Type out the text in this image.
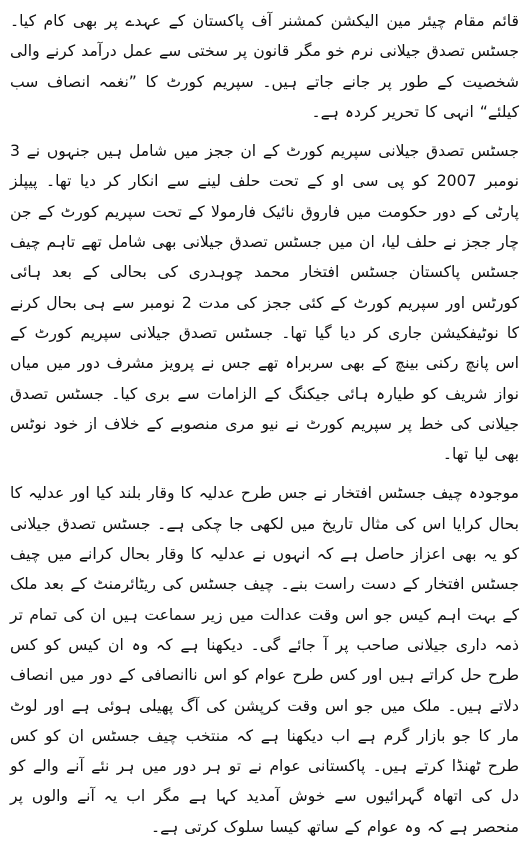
قائم مقام چیئر مین الیکشن کمشنر آف پاکستان کے عہدے پر بھی کام کیا۔ جسٹس تصدق جیلانی نرم خو مگر قانون پر سختی سے عمل درآمد کرنے والی شخصیت کے طور پر جانے جاتے ہیں۔ سپریم کورٹ کا ”نغمہ انصاف سب کیلئے“ انہی کا تحریر کردہ ہے۔

جسٹس تصدق جیلانی سپریم کورٹ کے ان ججز میں شامل ہیں جنہوں نے 3 نومبر 2007 کو پی سی او کے تحت حلف لینے سے انکار کر دیا تھا۔ پیپلز پارٹی کے دور حکومت میں فاروق نائیک فارمولا کے تحت سپریم کورٹ کے جن چار ججز نے حلف لیا، ان میں جسٹس تصدق جیلانی بھی شامل تھے تاہم چیف جسٹس پاکستان جسٹس افتخار محمد چوہدری کی بحالی کے بعد ہائی کورٹس اور سپریم کورٹ کے کئی ججز کی مدت 2 نومبر سے ہی بحال کرنے کا نوٹیفکیشن جاری کر دیا گیا تھا۔ جسٹس تصدق جیلانی سپریم کورٹ کے اس پانچ رکنی بینچ کے بھی سربراہ تھے جس نے پرویز مشرف دور میں میاں نواز شریف کو طیارہ ہائی جیکنگ کے الزامات سے بری کیا۔ جسٹس تصدق جیلانی کی خط پر سپریم کورٹ نے نیو مری منصوبے کے خلاف از خود نوٹس بھی لیا تھا۔

موجودہ چیف جسٹس افتخار نے جس طرح عدلیہ کا وقار بلند کیا اور عدلیہ کا بحال کرایا اس کی مثال تاریخ میں لکھی جا چکی ہے۔ جسٹس تصدق جیلانی کو یہ بھی اعزاز حاصل ہے کہ انہوں نے عدلیہ کا وقار بحال کرانے میں چیف جسٹس افتخار کے دست راست بنے۔ چیف جسٹس کی ریٹائرمنٹ کے بعد ملک کے بہت اہم کیس جو اس وقت عدالت میں زیر سماعت ہیں ان کی تمام تر ذمہ داری جیلانی صاحب پر آ جائے گی۔ دیکھنا ہے کہ وہ ان کیس کو کس طرح حل کراتے ہیں اور کس طرح عوام کو اس ناانصافی کے دور میں انصاف دلاتے ہیں۔ ملک میں جو اس وقت کرپشن کی آگ پھیلی ہوئی ہے اور لوٹ مار کا جو بازار گرم ہے اب دیکھنا ہے کہ منتخب چیف جسٹس ان کو کس طرح ٹھنڈا کرتے ہیں۔ پاکستانی عوام نے تو ہر دور میں ہر نئے آنے والے کو دل کی اتھاہ گہرائیوں سے خوش آمدید کہا ہے مگر اب یہ آنے والوں پر منحصر ہے کہ وہ عوام کے ساتھ کیسا سلوک کرتی ہے۔
